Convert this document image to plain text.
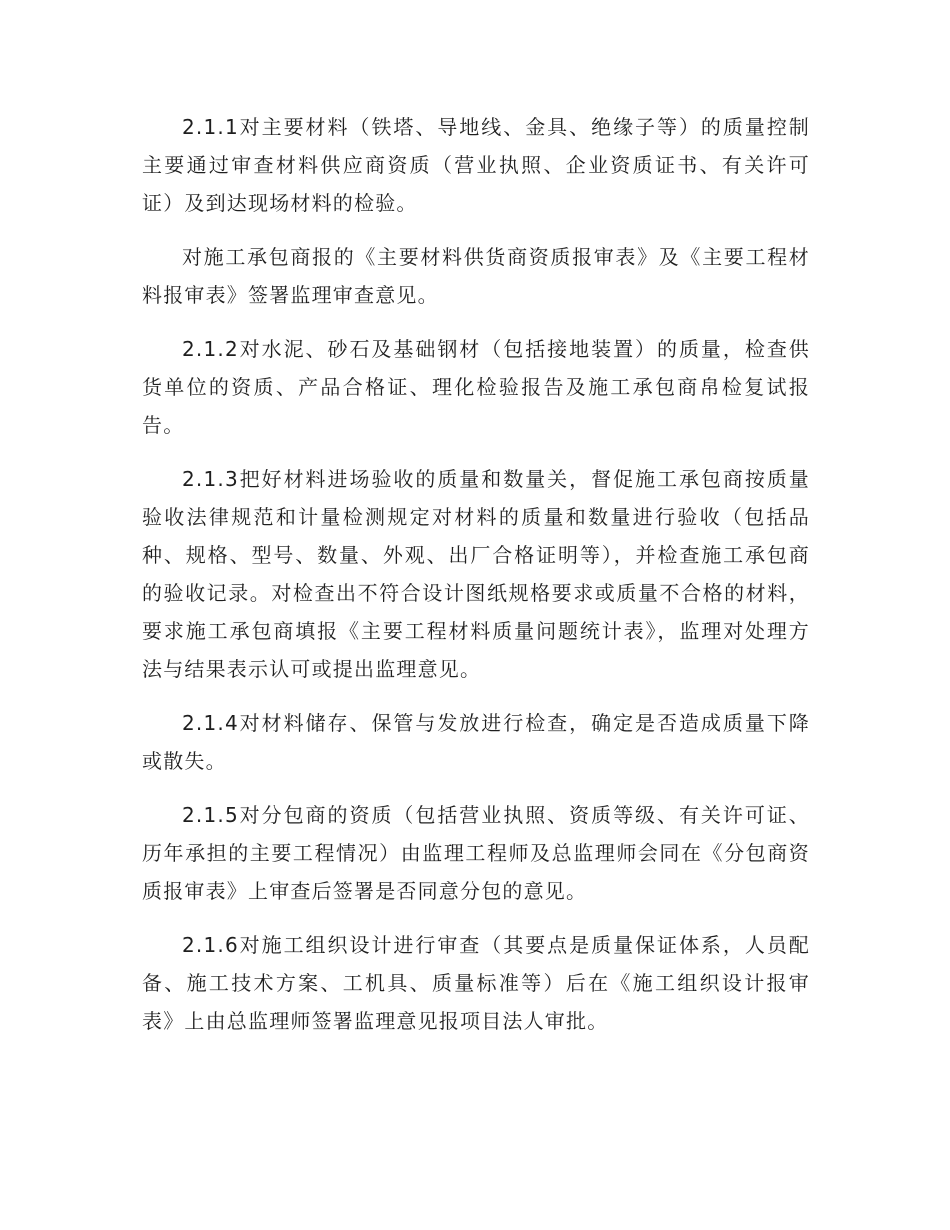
2.1.1对主要材料（铁塔、导地线、金具、绝缘子等）的质量控制主要通过审查材料供应商资质（营业执照、企业资质证书、有关许可证）及到达现场材料的检验。

对施工承包商报的《主要材料供货商资质报审表》及《主要工程材料报审表》签署监理审查意见。

2.1.2对水泥、砂石及基础钢材（包括接地装置）的质量，检查供货单位的资质、产品合格证、理化检验报告及施工承包商帛检复试报告。

2.1.3把好材料进场验收的质量和数量关，督促施工承包商按质量验收法律规范和计量检测规定对材料的质量和数量进行验收（包括品种、规格、型号、数量、外观、出厂合格证明等），并检查施工承包商的验收记录。对检查出不符合设计图纸规格要求或质量不合格的材料，要求施工承包商填报《主要工程材料质量问题统计表》，监理对处理方法与结果表示认可或提出监理意见。

2.1.4对材料储存、保管与发放进行检查，确定是否造成质量下降或散失。

2.1.5对分包商的资质（包括营业执照、资质等级、有关许可证、历年承担的主要工程情况）由监理工程师及总监理师会同在《分包商资质报审表》上审查后签署是否同意分包的意见。

2.1.6对施工组织设计进行审查（其要点是质量保证体系，人员配备、施工技术方案、工机具、质量标准等）后在《施工组织设计报审表》上由总监理师签署监理意见报项目法人审批。
